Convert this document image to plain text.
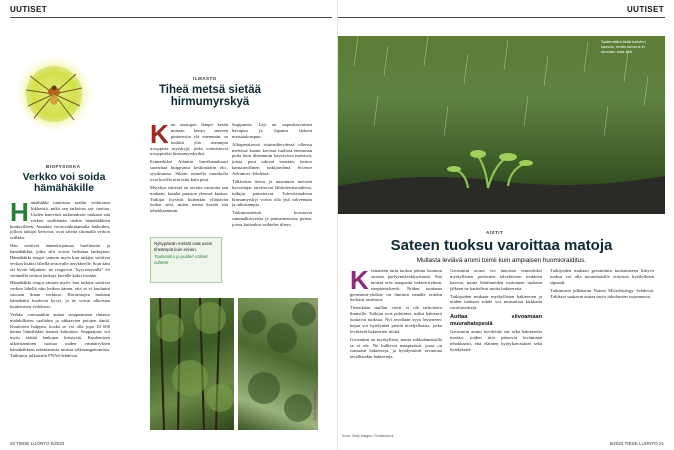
UUTISET
BIOFYSIIKKA
Verkko voi soida hämähäkille

Hämähäkki tunnistaa saaliin verkkonsa liikkeistä, mikä sen tarkoitus sai- tuottaa. Uuden kätevästi tutkimuksen mukaan sitä verkon sisältämän tiedon hämähäkkien kuuluvilleen. Annakin vuorovaikuttamalla lankoihin, jolloin tutkijat kertovat, ovat säteitä sitomalla verkon erillään.

Hän sotttivat äänenkirjaimaa huolimatta ja hämähäkkiä, jotka silti voivat heiluttaa lankojaan. Hämähäkki reagoi samoin myös kun tutkijat soittivat verkon lisäksi lähellä seisovalle ärsykkeelle. Kun ääni oli hyvin hiljainen, ne reagoivat "kyyristymällä" eli vetämällä verkon lankoja kireälle kohti itseään.

Hämähäkki reagoi samoin myös, kun tutkijat soittivat verkon lähellä niin heikon äänen, että se ei kuulunut suoraan ilman verkkoa. Havaintojen mukaan hämähäkit kuulevat kyvyt, ja ne voivat ulkoistaa kuulemisen verkkoon.

Verkko varmaankin auttaa sieppaamaan ilmassa mahdollisten saaliiden ja uhkaavien petojen ääniä. Kuuloisen hulppea, koska se voi olla jopa 10 000 kertaa hämähäkin itsensä kokoinen. Seppaajuus voi myös säätää lankojen kiristystä. Kuulemisen ulkoistaminen tuottaa uuden ymmärryksen hämähäkkien rakentamista muista selkärangattomista. Tutkimus julkaistiin PNAS-lehdessä.

ILMASTO
Tiheä metsä sietää hirmumyrskyä

Kun auringon lämpö kesän mittaan kertyy mereen pintavesiin ylä enemmän, se ruokkii yhä useampia trooppisia myrskyjä, jotka voimistuvat trooppisiksi hirmumyrskyiksi.

Esimerkiksi Atlantin hurrikaanikausi saavuttaa huippunsa keskimäärin elo–syyskuussa. Silloin monella rannikolla ovat kovilla niin talot kuin puut.

Myrskyn iskiessä on arvattu vaurioita sen mukaan, kuinka puustoa yleensä kaatuu. Tutkijat löysivät kuitenkin yllättävän tiedon siitä, miten metsä kestää sitä tehokkaammin.

Sugipuista. Laji on nopeakasvuinen havupuu ja Japanin tärkein metsätalouspuu.

Alkuperäisessä istutustiheydessä olleissa metsissä kaatui kovissa tuulissa enemmän puita kuin tiheämmin kasvavissa metsissä, joissa puut tukivat toisiaan, kertoo kansainvälinen tutkijaryhmä Science Advances -lehdessä.

Tälläisista tietoa ja uusimmat metsien kasvattajat tarvitsevat lähitulevaisuudessa, tutkijat painottavat. Tulevaisuudessa hirmumyrskyt voivat olla yhä vahvempia ja tuhoisampia.

Tutkimusmetsät koostuvat sammalkasveista ja pensasmaisista puista, joissa kuitenkin vaihtelee tiheys.

Nykypäivän metsät ovat usein tiheämpiä kuin ennen.
Tuulivoima ja puiden väliset suhteet
Kuva: Getty Images
20 TIEDE LUONTO 5/2022
UUTISET
Sademäärä lisää kasvien kasvua, mutta kuivuus ei suoraan auta sitä.
AISTIT
Sateen tuoksu varoittaa matoja
Mullasta leviävä aromi toimii kuin ampiaisen huomioraiditus.

Kesäsateen tuttu tuoksu johtuu luonnon omasta parfyymikeskittymästä. Sitä tuottaa eräs maaperän bakteeriryhmä, streptomykeetit. Niiden tuottama geosmiini-yhdiste on ihmisen nenälle erittäin herkästi aistittava.

Tietenkään mullan viesti ei ole tarkoitettu ihmisille. Tutkijat ovat pohtineet, miksi bakteerit tuottavat tuoksua. Nyt arvellaan syyn löytyneen: hajua voi hyödyntää pieniä niveljalkaisia, jotka levittävät bakteerien itiöitä.

Geosmiini on myrkyllistä, mutta sukkulamatoille se ei ole. Ne kulkevat maaperässä, jossa on runsaasti bakteereja, ja hyödyntävät ravintona tavallisiakin bakteereja.

Geosmiini aromi voi innostaa esimerkiksi myrkyllisten perhosten talvehtivien toukkien kasvua, mutta lehtiluteiden tuottaman tuoksun jälkeen ne karttelivat muita bakteereita.

Tutkijoiden mukaan myrkyllisten bakteerien ja niiden tuoksun suhde voi muistuttaa kirkkaita varoitusvärejä.

Auttaa siivoamaan muurahaispesiä

Geosmiini aromi hyödyttää siis sekä bakteereita itseään, joiden itiöt pääsevät leviämään tehokkaasti, että eläinten hyötykaivaukset sekä hyödykeitä.

Tutkijoiden mukaan geosmiinin tuottamiseen liittyvä tuoksu voi olla muurahaisille erityisen hyödyllinen signaali.

Tutkimusta julkaistiin Nature Microbiology -lehdessä. Tulokset saattavat auttaa myös tuholaisten torjunnassa.

Kuva: Getty Images / Shutterstock
5/2022 TIEDE LUONTO 21
